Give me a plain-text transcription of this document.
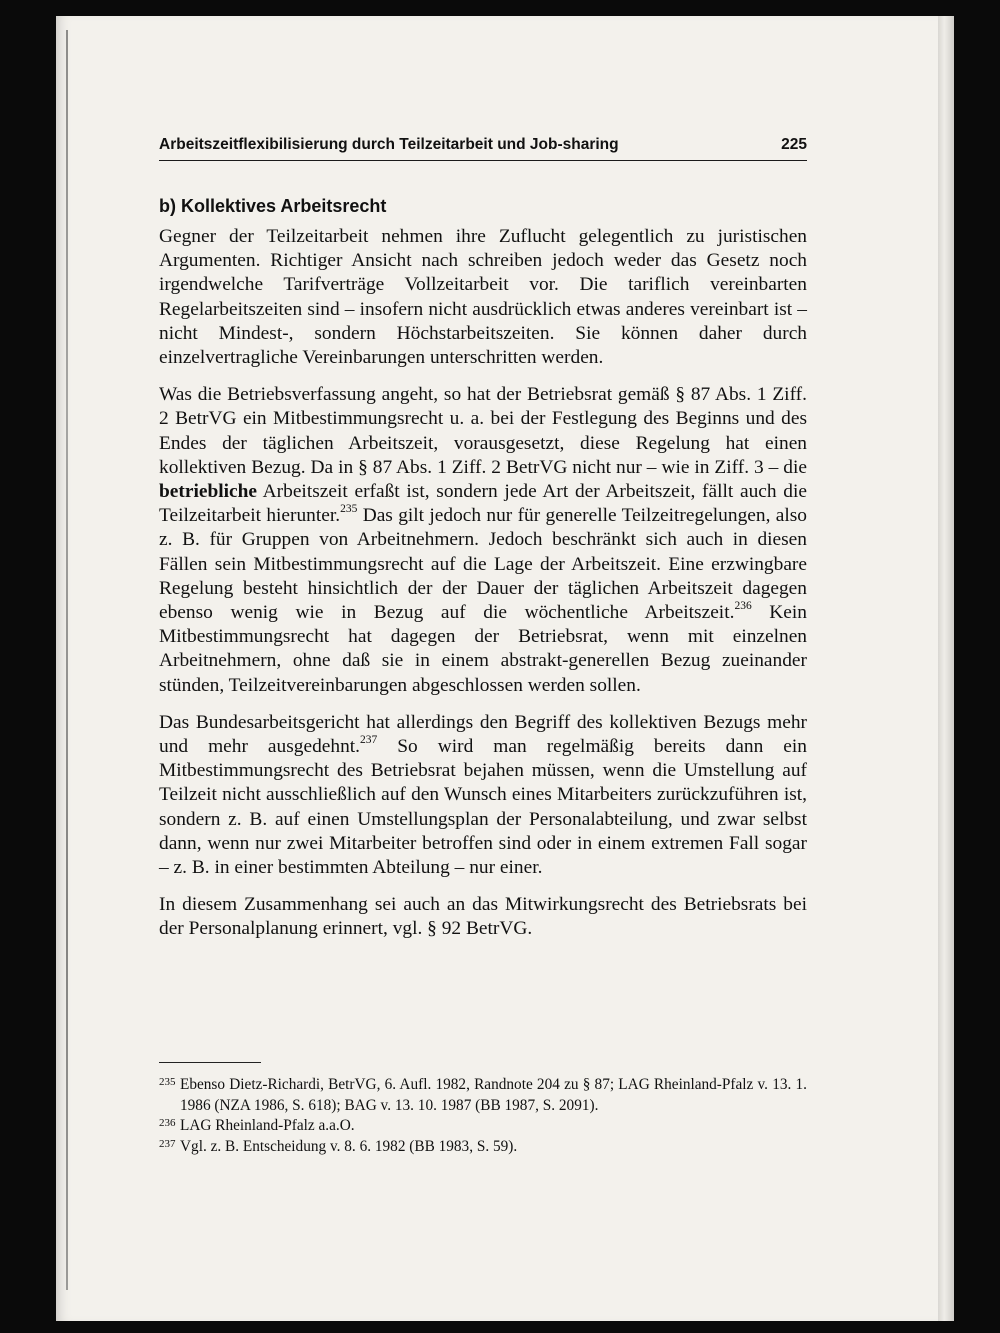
Arbeitszeitflexibilisierung durch Teilzeitarbeit und Job-sharing	225
b) Kollektives Arbeitsrecht

Gegner der Teilzeitarbeit nehmen ihre Zuflucht gelegentlich zu juristischen Argumenten. Richtiger Ansicht nach schreiben jedoch weder das Gesetz noch irgendwelche Tarifverträge Vollzeitarbeit vor. Die tariflich vereinbarten Regelarbeitszeiten sind – insofern nicht ausdrücklich etwas anderes vereinbart ist – nicht Mindest-, sondern Höchstarbeitszeiten. Sie können daher durch einzelvertragliche Vereinbarungen unterschritten werden.

Was die Betriebsverfassung angeht, so hat der Betriebsrat gemäß § 87 Abs. 1 Ziff. 2 BetrVG ein Mitbestimmungsrecht u. a. bei der Festlegung des Beginns und des Endes der täglichen Arbeitszeit, vorausgesetzt, diese Regelung hat einen kollektiven Bezug. Da in § 87 Abs. 1 Ziff. 2 BetrVG nicht nur – wie in Ziff. 3 – die betriebliche Arbeitszeit erfaßt ist, sondern jede Art der Arbeitszeit, fällt auch die Teilzeitarbeit hierunter.$^{235}$ Das gilt jedoch nur für generelle Teilzeitregelungen, also z. B. für Gruppen von Arbeitnehmern. Jedoch beschränkt sich auch in diesen Fällen sein Mitbestimmungsrecht auf die Lage der Arbeitszeit. Eine erzwingbare Regelung besteht hinsichtlich der der Dauer der täglichen Arbeitszeit dagegen ebenso wenig wie in Bezug auf die wöchentliche Arbeitszeit.$^{236}$ Kein Mitbestimmungsrecht hat dagegen der Betriebsrat, wenn mit einzelnen Arbeitnehmern, ohne daß sie in einem abstrakt-generellen Bezug zueinander stünden, Teilzeitvereinbarungen abgeschlossen werden sollen.

Das Bundesarbeitsgericht hat allerdings den Begriff des kollektiven Bezugs mehr und mehr ausgedehnt.$^{237}$ So wird man regelmäßig bereits dann ein Mitbestimmungsrecht des Betriebsrat bejahen müssen, wenn die Umstellung auf Teilzeit nicht ausschließlich auf den Wunsch eines Mitarbeiters zurückzuführen ist, sondern z. B. auf einen Umstellungsplan der Personalabteilung, und zwar selbst dann, wenn nur zwei Mitarbeiter betroffen sind oder in einem extremen Fall sogar – z. B. in einer bestimmten Abteilung – nur einer.

In diesem Zusammenhang sei auch an das Mitwirkungsrecht des Betriebsrats bei der Personalplanung erinnert, vgl. § 92 BetrVG.

235 Ebenso Dietz-Richardi, BetrVG, 6. Aufl. 1982, Randnote 204 zu § 87; LAG Rheinland-Pfalz v. 13. 1. 1986 (NZA 1986, S. 618); BAG v. 13. 10. 1987 (BB 1987, S. 2091).
236 LAG Rheinland-Pfalz a.a.O.
237 Vgl. z. B. Entscheidung v. 8. 6. 1982 (BB 1983, S. 59).
